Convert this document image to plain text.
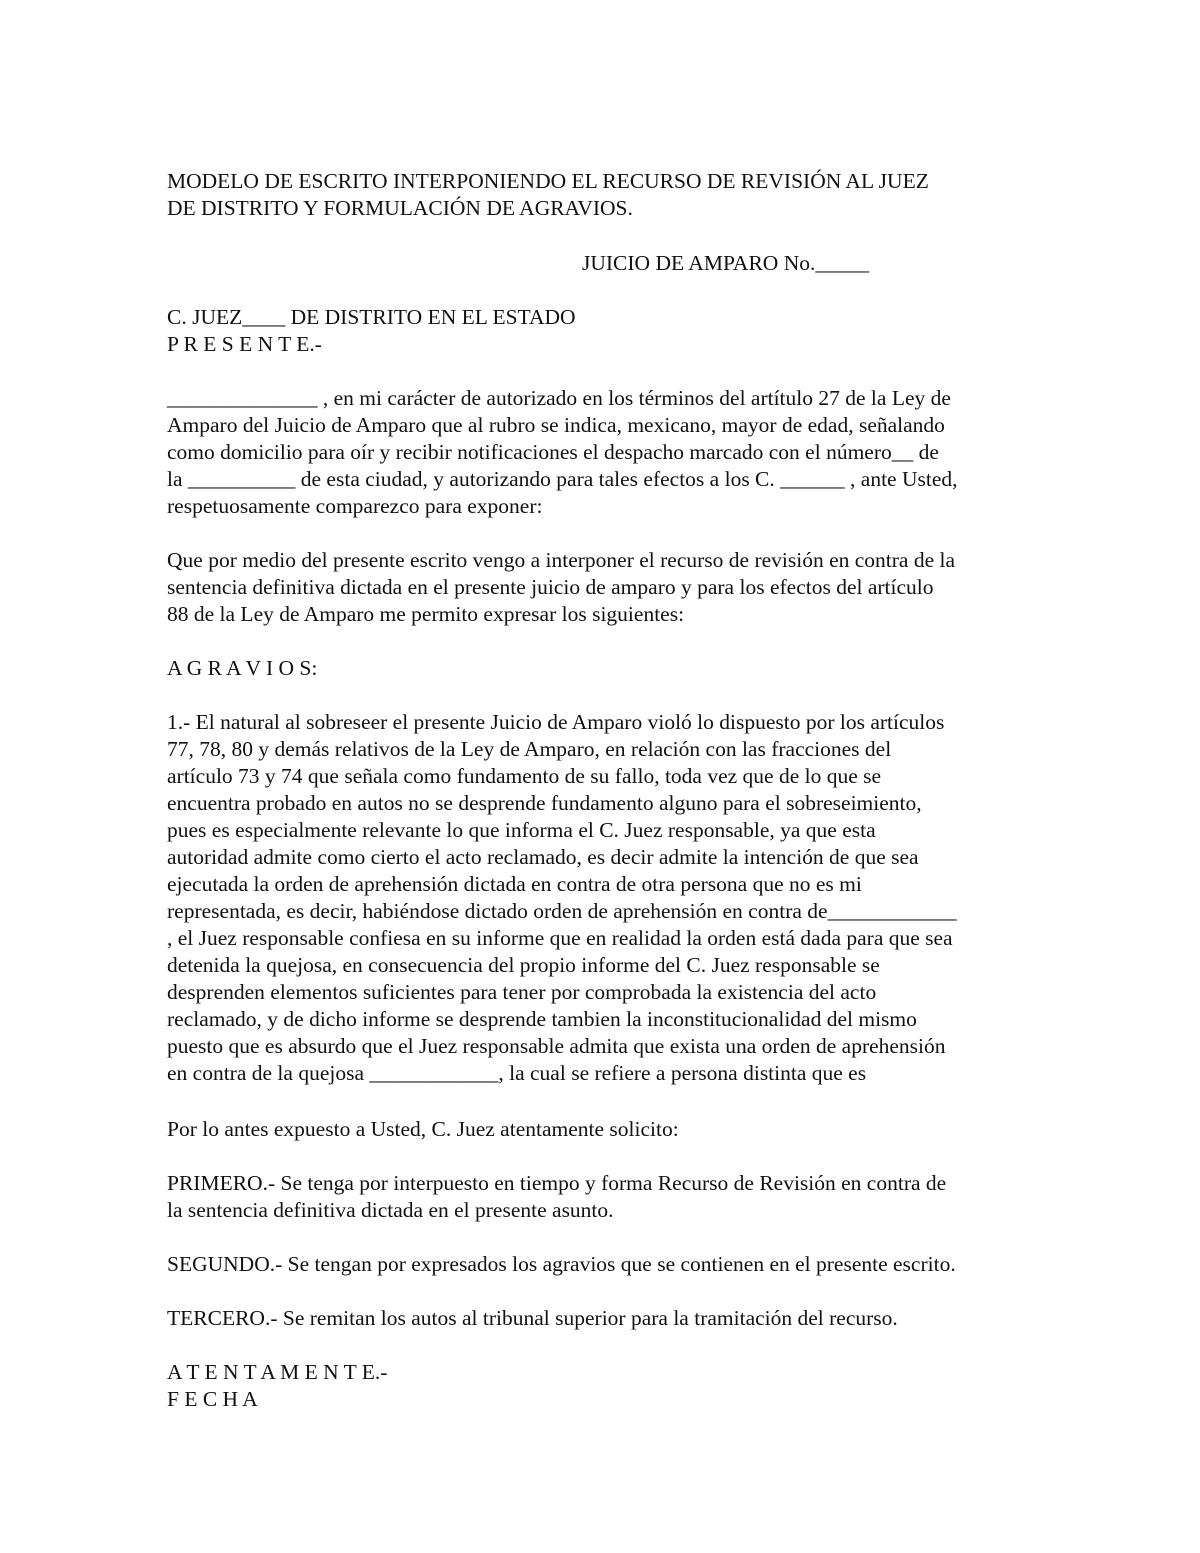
MODELO DE ESCRITO INTERPONIENDO EL RECURSO DE REVISIÓN AL JUEZ
DE DISTRITO Y FORMULACIÓN DE AGRAVIOS.

JUICIO DE AMPARO No._____

C. JUEZ____ DE DISTRITO EN EL ESTADO
P R E S E N T E.-

______________ , en mi carácter de autorizado en los términos del artítulo 27 de la Ley de
Amparo del Juicio de Amparo que al rubro se indica, mexicano, mayor de edad, señalando
como domicilio para oír y recibir notificaciones el despacho marcado con el número__ de
la __________ de esta ciudad, y autorizando para tales efectos a los C. ______ , ante Usted,
respetuosamente comparezco para exponer:

Que por medio del presente escrito vengo a interponer el recurso de revisión en contra de la
sentencia definitiva dictada en el presente juicio de amparo y para los efectos del artículo
88 de la Ley de Amparo me permito expresar los siguientes:

A G R A V I O S:

1.- El natural al sobreseer el presente Juicio de Amparo violó lo dispuesto por los artículos
77, 78, 80 y demás relativos de la Ley de Amparo, en relación con las fracciones del
artículo 73 y 74 que señala como fundamento de su fallo, toda vez que de lo que se
encuentra probado en autos no se desprende fundamento alguno para el sobreseimiento,
pues es especialmente relevante lo que informa el C. Juez responsable, ya que esta
autoridad admite como cierto el acto reclamado, es decir admite la intención de que sea
ejecutada la orden de aprehensión dictada en contra de otra persona que no es mi
representada, es decir, habiéndose dictado orden de aprehensión en contra de____________
, el Juez responsable confiesa en su informe que en realidad la orden está dada para que sea
detenida la quejosa, en consecuencia del propio informe del C. Juez responsable se
desprenden elementos suficientes para tener por comprobada la existencia del acto
reclamado, y de dicho informe se desprende tambien la inconstitucionalidad del mismo
puesto que es absurdo que el Juez responsable admita que exista una orden de aprehensión
en contra de la quejosa ____________, la cual se refiere a persona distinta que es

Por lo antes expuesto a Usted, C. Juez atentamente solicito:

PRIMERO.- Se tenga por interpuesto en tiempo y forma Recurso de Revisión en contra de
la sentencia definitiva dictada en el presente asunto.

SEGUNDO.- Se tengan por expresados los agravios que se contienen en el presente escrito.

TERCERO.- Se remitan los autos al tribunal superior para la tramitación del recurso.

A T E N T A M E N T E.-
F E C H A
